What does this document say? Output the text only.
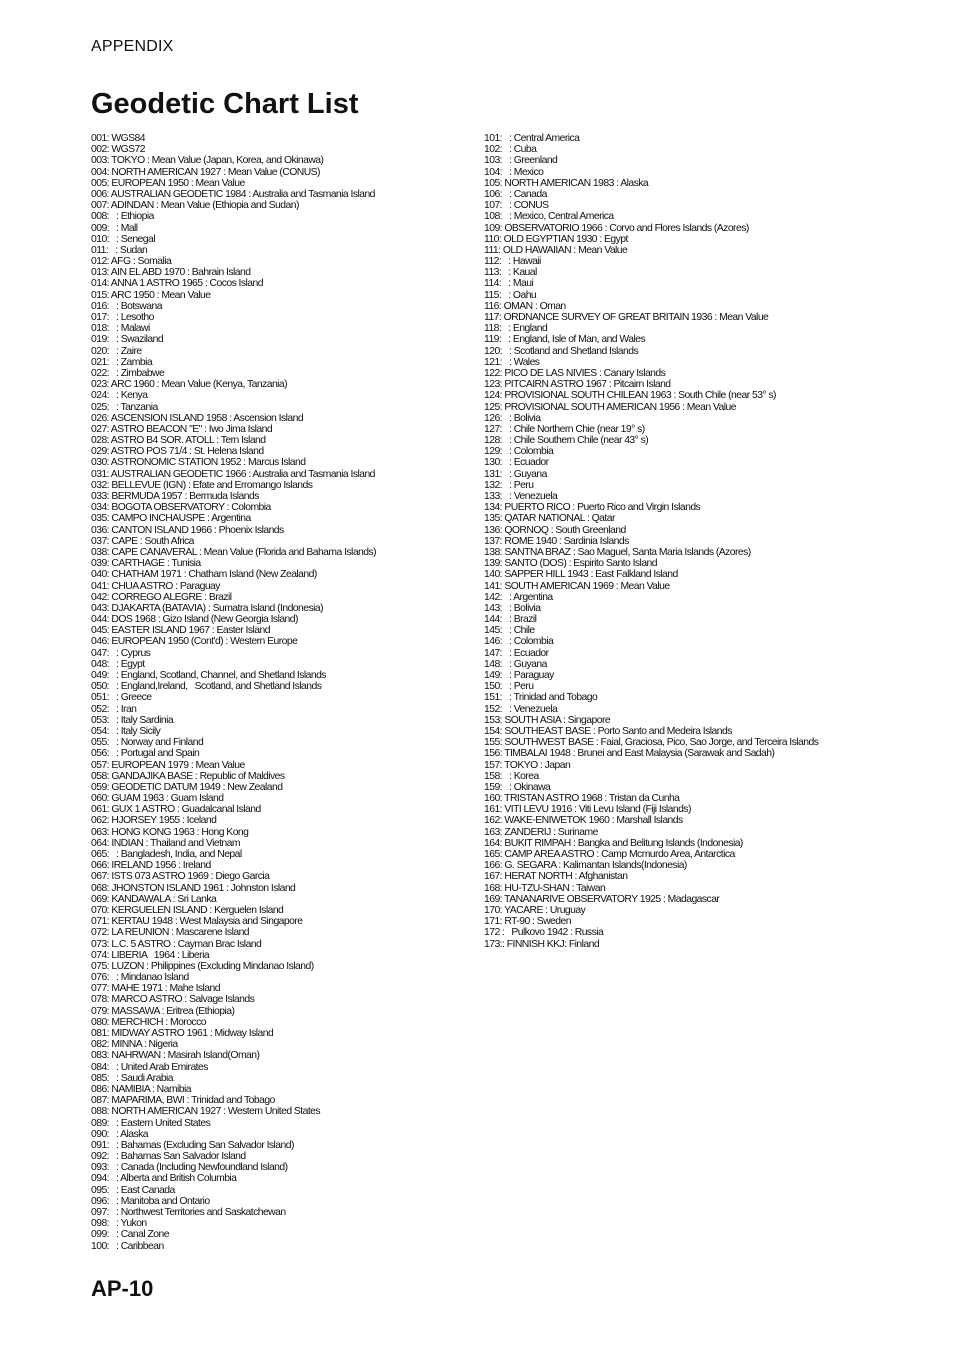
APPENDIX
Geodetic Chart List
001: WGS84
002: WGS72
003: TOKYO : Mean Value (Japan, Korea, and Okinawa)
004: NORTH AMERICAN 1927 : Mean Value (CONUS)
005: EUROPEAN 1950 : Mean Value
006: AUSTRALIAN GEODETIC 1984 : Australia and Tasmania Island
007: ADINDAN : Mean Value (Ethiopia and Sudan)
008:   : Ethiopia
009:   : Mall
010:   : Senegal
011:   : Sudan
012: AFG : Somalia
013: AIN EL ABD 1970 : Bahrain Island
014: ANNA 1 ASTRO 1965 : Cocos Island
015: ARC 1950 : Mean Value
016:   : Botswana
017:   : Lesotho
018:   : Malawi
019:   : Swaziland
020:   : Zaire
021:   : Zambia
022:   : Zimbabwe
023: ARC 1960 : Mean Value (Kenya, Tanzania)
024:   : Kenya
025:   : Tanzania
026: ASCENSION ISLAND 1958 : Ascension Island
027: ASTRO BEACON "E" : Iwo Jima Island
028: ASTRO B4 SOR. ATOLL : Tern Island
029: ASTRO POS 71/4 : St. Helena Island
030: ASTRONOMIC STATION 1952 : Marcus Island
031: AUSTRALIAN GEODETIC 1966 : Australia and Tasmania Island
032: BELLEVUE (IGN) : Efate and Erromango Islands
033: BERMUDA 1957 : Bermuda Islands
034: BOGOTA OBSERVATORY : Colombia
035: CAMPO INCHAUSPE : Argentina
036: CANTON ISLAND 1966 : Phoenix Islands
037: CAPE : South Africa
038: CAPE CANAVERAL : Mean Value (Florida and Bahama Islands)
039: CARTHAGE : Tunisia
040: CHATHAM 1971 : Chatham Island (New Zealand)
041: CHUA ASTRO : Paraguay
042: CORREGO ALEGRE : Brazil
043: DJAKARTA (BATAVIA) : Sumatra Island (Indonesia)
044: DOS 1968 : Gizo Island (New Georgia Island)
045: EASTER ISLAND 1967 : Easter Island
046: EUROPEAN 1950 (Cont'd) : Western Europe
047:   : Cyprus
048:   : Egypt
049:   : England, Scotland, Channel, and Shetland Islands
050:   : England,Ireland,   Scotland, and Shetland Islands
051:   : Greece
052:   : Iran
053:   : Italy Sardinia
054:   : Italy Sicily
055:   : Norway and Finland
056:   : Portugal and Spain
057: EUROPEAN 1979 : Mean Value
058: GANDAJIKA BASE : Republic of Maldives
059: GEODETIC DATUM 1949 : New Zealand
060: GUAM 1963 : Guam Island
061: GUX 1 ASTRO : Guadalcanal Island
062: HJORSEY 1955 : Iceland
063: HONG KONG 1963 : Hong Kong
064: INDIAN : Thailand and Vietnam
065:   : Bangladesh, India, and Nepal
066: IRELAND 1956 : Ireland
067: ISTS 073 ASTRO 1969 : Diego Garcia
068: JHONSTON ISLAND 1961 : Johnston Island
069: KANDAWALA : Sri Lanka
070: KERGUELEN ISLAND : Kerguelen Island
071: KERTAU 1948 : West Malaysia and Singapore
072: LA REUNION : Mascarene Island
073: L.C. 5 ASTRO : Cayman Brac Island
074: LIBERIA   1964 : Liberia
075: LUZON : Philippines (Excluding Mindanao Island)
076:   : Mindanao Island
077: MAHE 1971 : Mahe Island
078: MARCO ASTRO : Salvage Islands
079: MASSAWA : Eritrea (Ethiopia)
080: MERCHICH : Morocco
081: MIDWAY ASTRO 1961 : Midway Island
082: MINNA : Nigeria
083: NAHRWAN : Masirah Island(Oman)
084:   : United Arab Emirates
085:   : Saudi Arabia
086: NAMIBIA : Namibia
087: MAPARIMA, BWI : Trinidad and Tobago
088: NORTH AMERICAN 1927 : Western United States
089:   : Eastern United States
090:   : Alaska
091:   : Bahamas (Excluding San Salvador Island)
092:   : Bahamas San Salvador Island
093:   : Canada (Including Newfoundland Island)
094:   : Alberta and British Columbia
095:   : East Canada
096:   : Manitoba and Ontario
097:   : Northwest Territories and Saskatchewan
098:   : Yukon
099:   : Canal Zone
100:   : Caribbean
101:   : Central America
102:   : Cuba
103:   : Greenland
104:   : Mexico
105: NORTH AMERICAN 1983 : Alaska
106:   : Canada
107:   : CONUS
108:   : Mexico, Central America
109: OBSERVATORIO 1966 : Corvo and Flores Islands (Azores)
110: OLD EGYPTIAN 1930 : Egypt
111: OLD HAWAIIAN : Mean Value
112:   : Hawaii
113:   : Kaual
114:   : Maui
115:   : Oahu
116: OMAN : Oman
117: ORDNANCE SURVEY OF GREAT BRITAIN 1936 : Mean Value
118:   : England
119:   : England, Isle of Man, and Wales
120:   : Scotland and Shetland Islands
121:   : Wales
122: PICO DE LAS NIVIES : Canary Islands
123: PITCAIRN ASTRO 1967 : Pitcairn Island
124: PROVISIONAL SOUTH CHILEAN 1963 : South Chile (near 53° s)
125: PROVISIONAL SOUTH AMERICAN 1956 : Mean Value
126:   : Bolivia
127:   : Chile Northern Chie (near 19° s)
128:   : Chile Southern Chile (near 43° s)
129:   : Colombia
130:   : Ecuador
131:   : Guyana
132:   : Peru
133:   : Venezuela
134: PUERTO RICO : Puerto Rico and Virgin Islands
135: QATAR NATIONAL : Qatar
136: QORNOQ : South Greenland
137: ROME 1940 : Sardinia Islands
138: SANTNA BRAZ : Sao Maguel, Santa Maria Islands (Azores)
139: SANTO (DOS) : Espirito Santo Island
140: SAPPER HILL 1943 : East Falkland Island
141: SOUTH AMERICAN 1969 : Mean Value
142:   : Argentina
143:   : Bolivia
144:   : Brazil
145:   : Chile
146:   : Colombia
147:   : Ecuador
148:   : Guyana
149:   : Paraguay
150:   : Peru
151:   : Trinidad and Tobago
152:   : Venezuela
153: SOUTH ASIA : Singapore
154: SOUTHEAST BASE : Porto Santo and Medeira Islands
155: SOUTHWEST BASE : Faial, Graciosa, Pico, Sao Jorge, and Terceira Islands
156: TIMBALAI 1948 : Brunei and East Malaysia (Sarawak and Sadah)
157: TOKYO : Japan
158:   : Korea
159:   : Okinawa
160: TRISTAN ASTRO 1968 : Tristan da Cunha
161: VITI LEVU 1916 : Viti Levu Island (Fiji Islands)
162: WAKE-ENIWETOK 1960 : Marshall Islands
163: ZANDERIJ : Suriname
164: BUKIT RIMPAH : Bangka and Belitung Islands (Indonesia)
165: CAMP AREA ASTRO : Camp Mcmurdo Area, Antarctica
166: G. SEGARA : Kalimantan Islands(Indonesia)
167: HERAT NORTH : Afghanistan
168: HU-TZU-SHAN : Taiwan
169: TANANARIVE OBSERVATORY 1925 : Madagascar
170: YACARE : Uruguay
171: RT-90 : Sweden
172 :   Pulkovo 1942 : Russia
173:: FINNISH KKJ: Finland
AP-10
